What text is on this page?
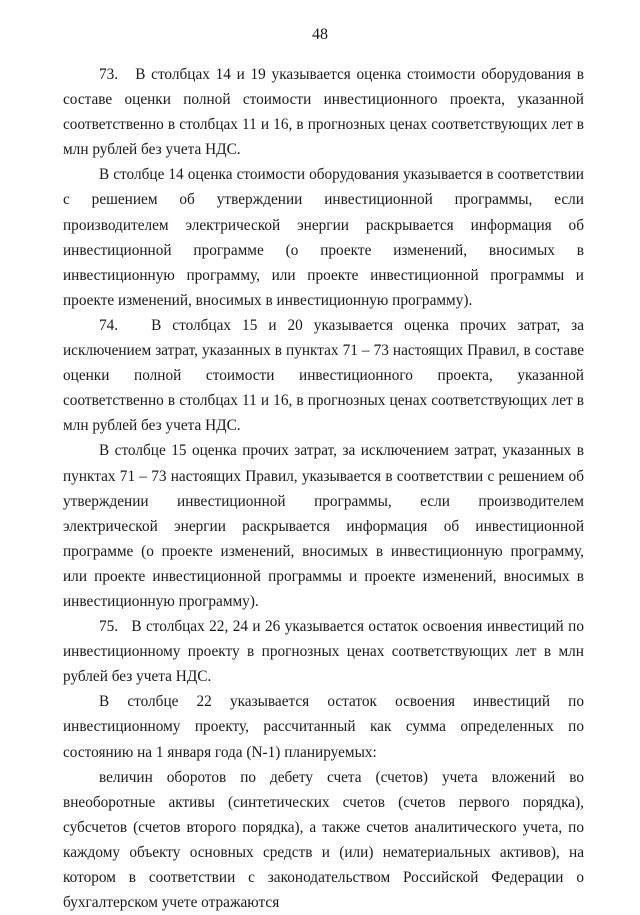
48

73.   В столбцах 14 и 19 указывается оценка стоимости оборудования в составе оценки полной стоимости инвестиционного проекта, указанной соответственно в столбцах 11 и 16, в прогнозных ценах соответствующих лет в млн рублей без учета НДС.

В столбце 14 оценка стоимости оборудования указывается в соответствии с решением об утверждении инвестиционной программы, если производителем электрической энергии раскрывается информация об инвестиционной программе (о проекте изменений, вносимых в инвестиционную программу, или проекте инвестиционной программы и проекте изменений, вносимых в инвестиционную программу).

74.   В столбцах 15 и 20 указывается оценка прочих затрат, за исключением затрат, указанных в пунктах 71 – 73 настоящих Правил, в составе оценки полной стоимости инвестиционного проекта, указанной соответственно в столбцах 11 и 16, в прогнозных ценах соответствующих лет в млн рублей без учета НДС.

В столбце 15 оценка прочих затрат, за исключением затрат, указанных в пунктах 71 – 73 настоящих Правил, указывается в соответствии с решением об утверждении инвестиционной программы, если производителем электрической энергии раскрывается информация об инвестиционной программе (о проекте изменений, вносимых в инвестиционную программу, или проекте инвестиционной программы и проекте изменений, вносимых в инвестиционную программу).

75.   В столбцах 22, 24 и 26 указывается остаток освоения инвестиций по инвестиционному проекту в прогнозных ценах соответствующих лет в млн рублей без учета НДС.

В столбце 22 указывается остаток освоения инвестиций по инвестиционному проекту, рассчитанный как сумма определенных по состоянию на 1 января года (N-1) планируемых:

величин оборотов по дебету счета (счетов) учета вложений во внеоборотные активы (синтетических счетов (счетов первого порядка), субсчетов (счетов второго порядка), а также счетов аналитического учета, по каждому объекту основных средств и (или) нематериальных активов), на котором в соответствии с законодательством Российской Федерации о бухгалтерском учете отражаются
